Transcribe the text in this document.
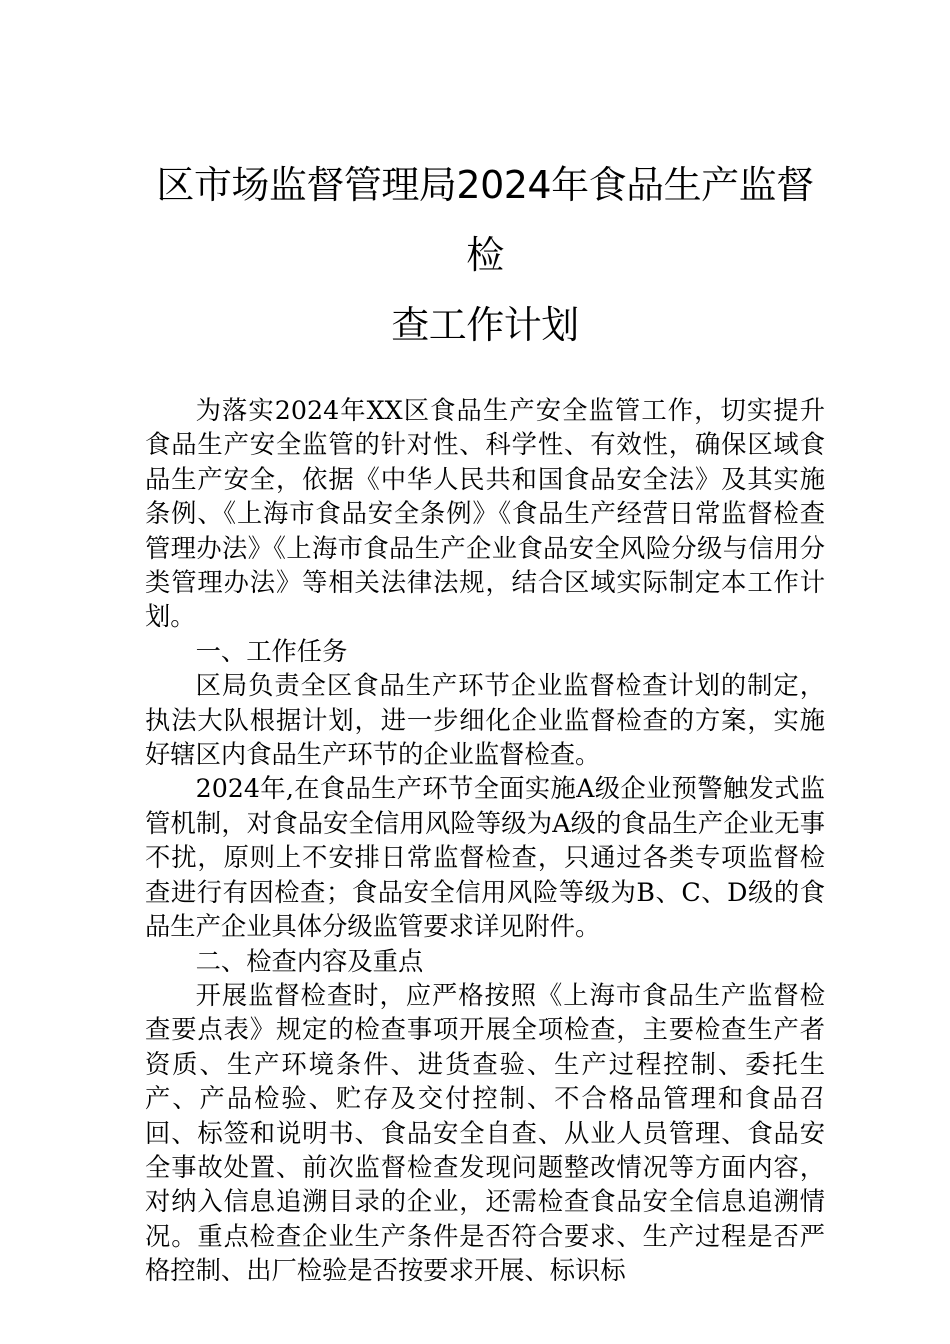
区市场监督管理局2024年食品生产监督检
查工作计划

为落实2024年XX区食品生产安全监管工作，切实提升食品生产安全监管的针对性、科学性、有效性，确保区域食品生产安全，依据《中华人民共和国食品安全法》及其实施条例、《上海市食品安全条例》《食品生产经营日常监督检查管理办法》《上海市食品生产企业食品安全风险分级与信用分类管理办法》等相关法律法规，结合区域实际制定本工作计划。

一、工作任务

区局负责全区食品生产环节企业监督检查计划的制定，执法大队根据计划，进一步细化企业监督检查的方案，实施好辖区内食品生产环节的企业监督检查。

2024年,在食品生产环节全面实施A级企业预警触发式监管机制，对食品安全信用风险等级为A级的食品生产企业无事不扰，原则上不安排日常监督检查，只通过各类专项监督检查进行有因检查；食品安全信用风险等级为B、C、D级的食品生产企业具体分级监管要求详见附件。

二、检查内容及重点

开展监督检查时，应严格按照《上海市食品生产监督检查要点表》规定的检查事项开展全项检查，主要检查生产者资质、生产环境条件、进货查验、生产过程控制、委托生产、产品检验、贮存及交付控制、不合格品管理和食品召回、标签和说明书、食品安全自查、从业人员管理、食品安全事故处置、前次监督检查发现问题整改情况等方面内容，对纳入信息追溯目录的企业，还需检查食品安全信息追溯情况。重点检查企业生产条件是否符合要求、生产过程是否严格控制、出厂检验是否按要求开展、标识标
